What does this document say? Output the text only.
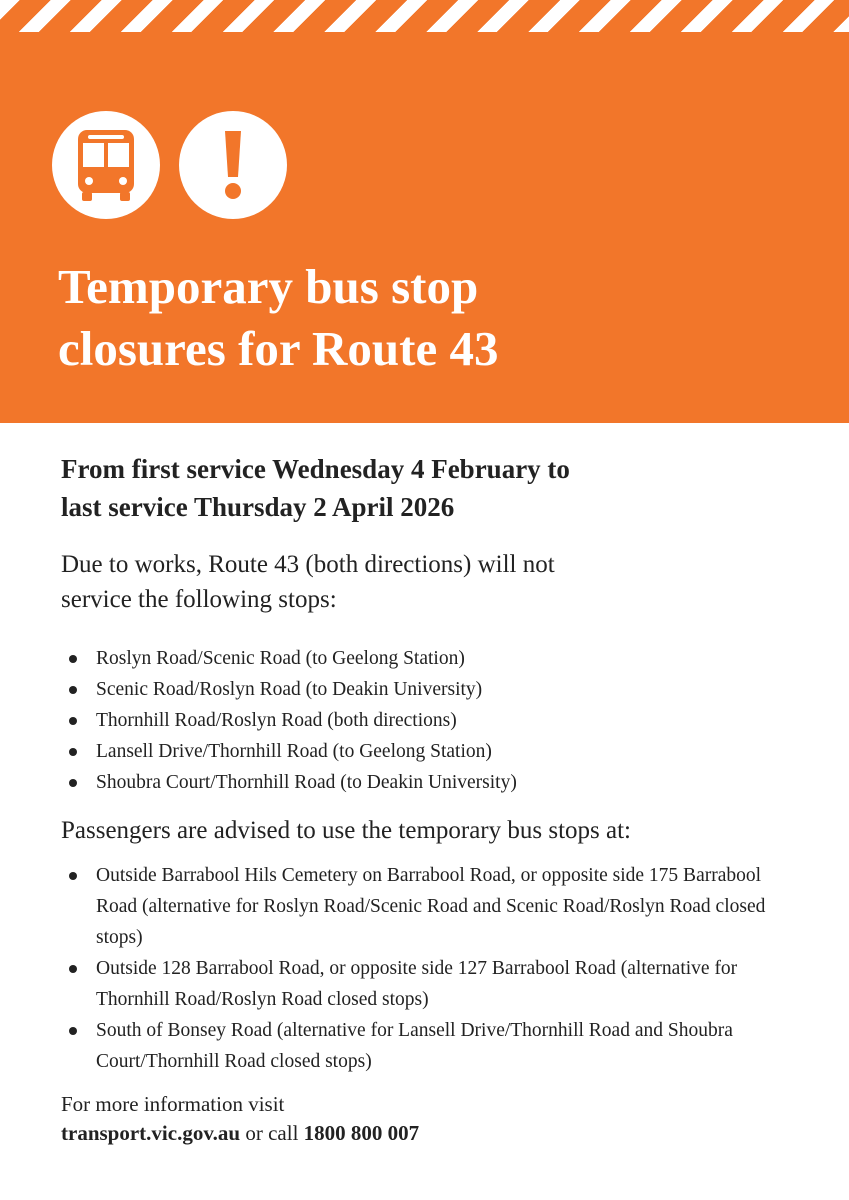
Temporary bus stop
closures for Route 43

From first service Wednesday 4 February to
last service Thursday 2 April 2026

Due to works, Route 43 (both directions) will not
service the following stops:

Roslyn Road/Scenic Road (to Geelong Station)
Scenic Road/Roslyn Road (to Deakin University)
Thornhill Road/Roslyn Road (both directions)
Lansell Drive/Thornhill Road (to Geelong Station)
Shoubra Court/Thornhill Road (to Deakin University)

Passengers are advised to use the temporary bus stops at:

Outside Barrabool Hils Cemetery on Barrabool Road, or opposite side 175 Barrabool Road (alternative for Roslyn Road/Scenic Road and Scenic Road/Roslyn Road closed stops)
Outside 128 Barrabool Road, or opposite side 127 Barrabool Road (alternative for Thornhill Road/Roslyn Road closed stops)
South of Bonsey Road (alternative for Lansell Drive/Thornhill Road and Shoubra Court/Thornhill Road closed stops)

For more information visit
transport.vic.gov.au or call 1800 800 007
